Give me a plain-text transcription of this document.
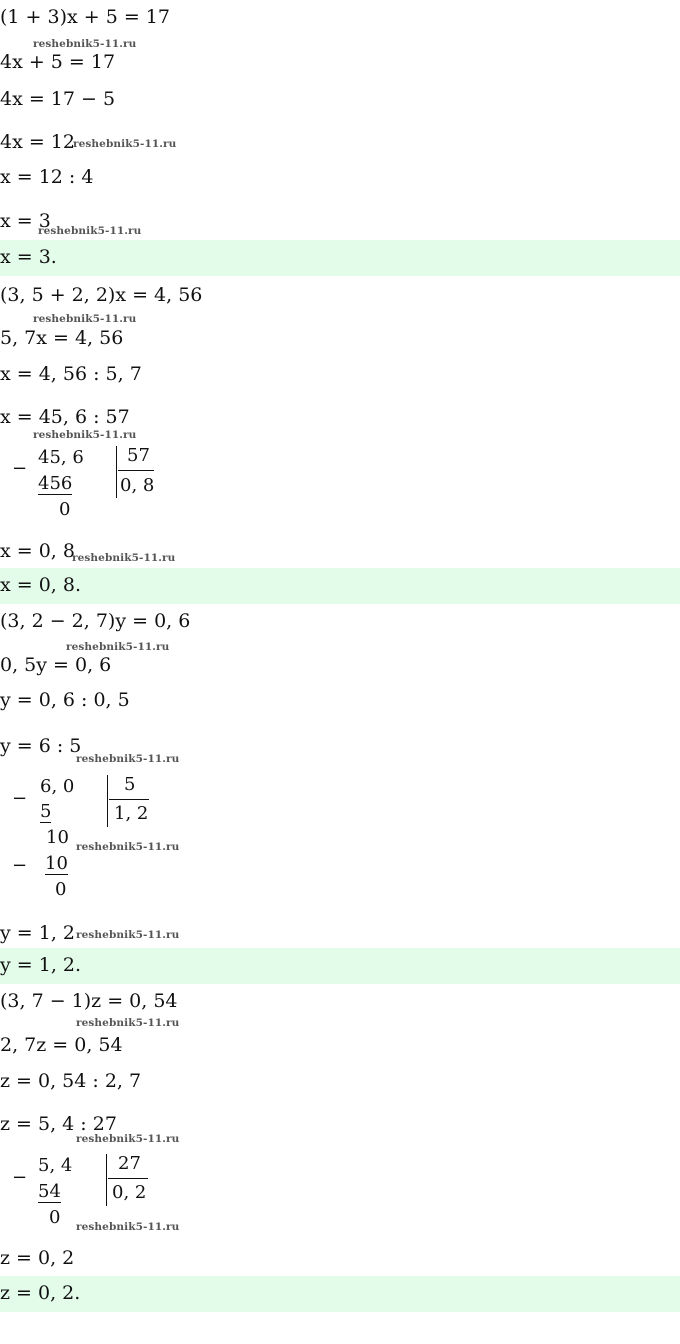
(1 + 3)x + 5 = 17
reshebnik5-11.ru
4x + 5 = 17
4x = 17 − 5
4x = 12
reshebnik5-11.ru
x = 12 : 4
x = 3
reshebnik5-11.ru
x = 3.
(3, 5 + 2, 2)x = 4, 56
reshebnik5-11.ru
5, 7x = 4, 56
x = 4, 56 : 5, 7
x = 45, 6 : 57
reshebnik5-11.ru
−
45, 6
456
0
57
0, 8
x = 0, 8
reshebnik5-11.ru
x = 0, 8.
(3, 2 − 2, 7)y = 0, 6
reshebnik5-11.ru
0, 5y = 0, 6
y = 0, 6 : 0, 5
y = 6 : 5
reshebnik5-11.ru
−
6, 0
5
10 reshebnik5-11.ru
− 10
0
5
1, 2
y = 1, 2 reshebnik5-11.ru
y = 1, 2.
(3, 7 − 1)z = 0, 54
reshebnik5-11.ru
2, 7z = 0, 54
z = 0, 54 : 2, 7
z = 5, 4 : 27
reshebnik5-11.ru
−
5, 4
54
0
27
0, 2
reshebnik5-11.ru
z = 0, 2
z = 0, 2.
